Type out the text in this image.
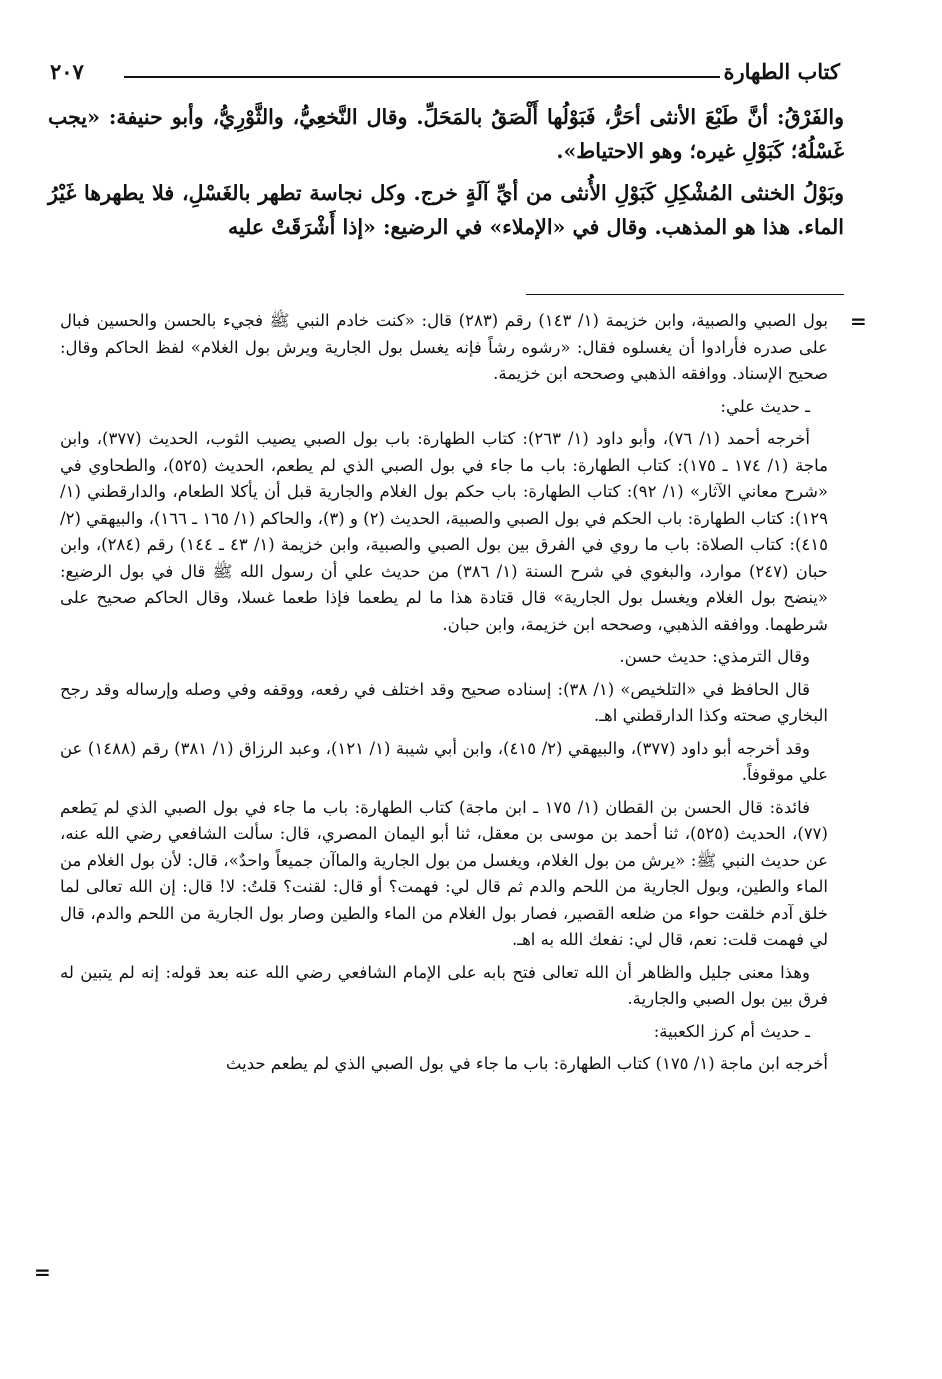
كتاب الطهارة
٢٠٧

والفَرْقُ: أنَّ طَبْعَ الأنثى أحَرُّ، فَبَوْلُها أَلْصَقُ بالمَحَلِّ. وقال النَّخعِيُّ، والثَّوْرِيُّ، وأبو حنيفة: «يجب غَسْلُهُ؛ كَبَوْلِ غيره؛ وهو الاحتياط».

وبَوْلُ الخنثى المُشْكِلِ كَبَوْلِ الأُنثى من أيِّ آلَةٍ خرج. وكل نجاسة تطهر بالغَسْلِ، فلا يطهرها غَيْرُ الماء. هذا هو المذهب. وقال في «الإملاء» في الرضيع: «إذا أَشْرَقَتْ عليه

=

بول الصبي والصبية، وابن خزيمة (١/ ١٤٣) رقم (٢٨٣) قال: «كنت خادم النبي ﷺ فجيء بالحسن والحسين فبال على صدره فأرادوا أن يغسلوه فقال: «رشوه رشاً فإنه يغسل بول الجارية ويرش بول الغلام» لفظ الحاكم وقال: صحيح الإسناد. ووافقه الذهبي وصححه ابن خزيمة.

ـ حديث علي:

أخرجه أحمد (١/ ٧٦)، وأبو داود (١/ ٢٦٣): كتاب الطهارة: باب بول الصبي يصيب الثوب، الحديث (٣٧٧)، وابن ماجة (١/ ١٧٤ ـ ١٧٥): كتاب الطهارة: باب ما جاء في بول الصبي الذي لم يطعم، الحديث (٥٢٥)، والطحاوي في «شرح معاني الآثار» (١/ ٩٢): كتاب الطهارة: باب حكم بول الغلام والجارية قبل أن يأكلا الطعام، والدارقطني (١/ ١٢٩): كتاب الطهارة: باب الحكم في بول الصبي والصبية، الحديث (٢) و (٣)، والحاكم (١/ ١٦٥ ـ ١٦٦)، والبيهقي (٢/ ٤١٥): كتاب الصلاة: باب ما روي في الفرق بين بول الصبي والصبية، وابن خزيمة (١/ ٤٣ ـ ١٤٤) رقم (٢٨٤)، وابن حبان (٢٤٧) موارد، والبغوي في شرح السنة (١/ ٣٨٦) من حديث علي أن رسول الله ﷺ قال في بول الرضيع: «ينضح بول الغلام ويغسل بول الجارية» قال قتادة هذا ما لم يطعما فإذا طعما غسلا، وقال الحاكم صحيح على شرطهما. ووافقه الذهبي، وصححه ابن خزيمة، وابن حبان.

وقال الترمذي: حديث حسن.

قال الحافظ في «التلخيص» (١/ ٣٨): إسناده صحيح وقد اختلف في رفعه، ووقفه وفي وصله وإرساله وقد رجح البخاري صحته وكذا الدارقطني اهـ.

وقد أخرجه أبو داود (٣٧٧)، والبيهقي (٢/ ٤١٥)، وابن أبي شيبة (١/ ١٢١)، وعبد الرزاق (١/ ٣٨١) رقم (١٤٨٨) عن علي موقوفاً.

فائدة: قال الحسن بن القطان (١/ ١٧٥ ـ ابن ماجة) كتاب الطهارة: باب ما جاء في بول الصبي الذي لم يَطعم (٧٧)، الحديث (٥٢٥)، ثنا أحمد بن موسى بن معقل، ثنا أبو اليمان المصري، قال: سألت الشافعي رضي الله عنه، عن حديث النبي ﷺ: «يرش من بول الغلام، ويغسل من بول الجارية والماآن جميعاً واحدٌ»، قال: لأن بول الغلام من الماء والطين، وبول الجارية من اللحم والدم ثم قال لي: فهمت؟ أو قال: لقنت؟ قلتُ: لا! قال: إن الله تعالى لما خلق آدم خلقت حواء من ضلعه القصير، فصار بول الغلام من الماء والطين وصار بول الجارية من اللحم والدم، قال لي فهمت قلت: نعم، قال لي: نفعك الله به اهـ.

وهذا معنى جليل والظاهر أن الله تعالى فتح بابه على الإمام الشافعي رضي الله عنه بعد قوله: إنه لم يتبين له فرق بين بول الصبي والجارية.

ـ حديث أم كرز الكعبية:

أخرجه ابن ماجة (١/ ١٧٥) كتاب الطهارة: باب ما جاء في بول الصبي الذي لم يطعم حديث

=
